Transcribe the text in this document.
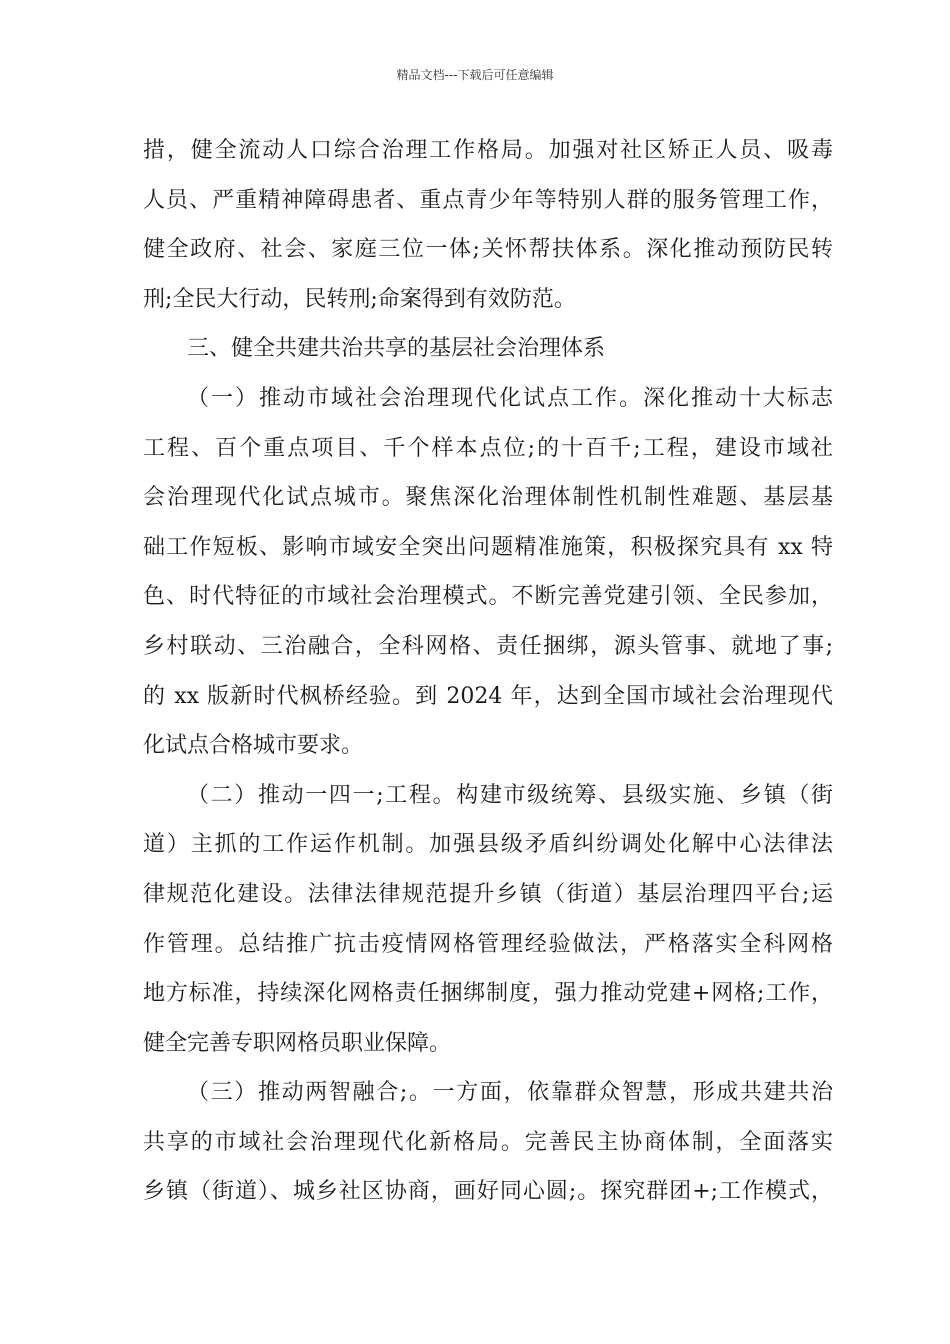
精品文档---下载后可任意编辑
措，健全流动人口综合治理工作格局。加强对社区矫正人员、吸毒
人员、严重精神障碍患者、重点青少年等特别人群的服务管理工作，
健全政府、社会、家庭三位一体;关怀帮扶体系。深化推动预防民转
刑;全民大行动，民转刑;命案得到有效防范。
三、健全共建共治共享的基层社会治理体系
（一）推动市域社会治理现代化试点工作。深化推动十大标志
工程、百个重点项目、千个样本点位;的十百千;工程，建设市域社
会治理现代化试点城市。聚焦深化治理体制性机制性难题、基层基
础工作短板、影响市域安全突出问题精准施策，积极探究具有 xx 特
色、时代特征的市域社会治理模式。不断完善党建引领、全民参加，
乡村联动、三治融合，全科网格、责任捆绑，源头管事、就地了事;
的 xx 版新时代枫桥经验。到 2024 年，达到全国市域社会治理现代
化试点合格城市要求。
（二）推动一四一;工程。构建市级统筹、县级实施、乡镇（街
道）主抓的工作运作机制。加强县级矛盾纠纷调处化解中心法律法
律规范化建设。法律法律规范提升乡镇（街道）基层治理四平台;运
作管理。总结推广抗击疫情网格管理经验做法，严格落实全科网格
地方标准，持续深化网格责任捆绑制度，强力推动党建+网格;工作，
健全完善专职网格员职业保障。
（三）推动两智融合;。一方面，依靠群众智慧，形成共建共治
共享的市域社会治理现代化新格局。完善民主协商体制，全面落实
乡镇（街道）、城乡社区协商，画好同心圆;。探究群团+;工作模式，
